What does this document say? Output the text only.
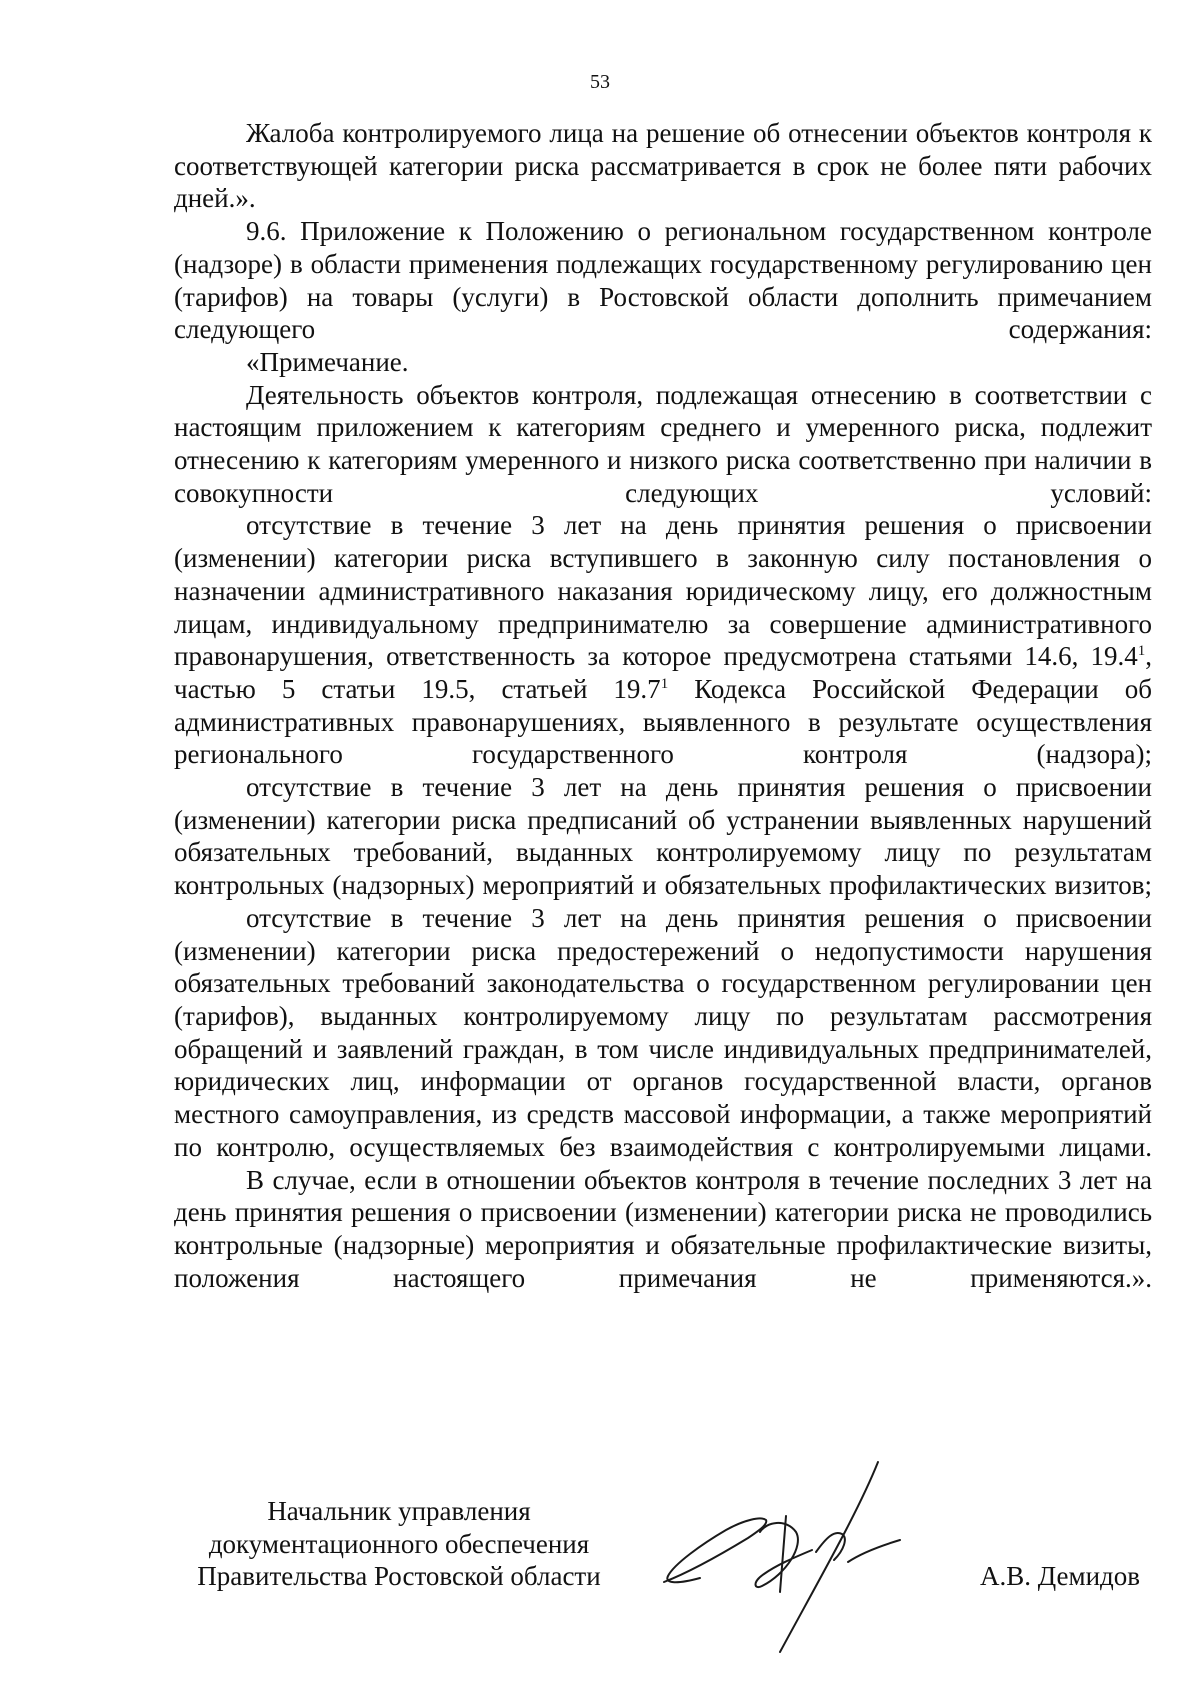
53

Жалоба контролируемого лица на решение об отнесении объектов контроля к соответствующей категории риска рассматривается в срок не более пяти рабочих дней.».

9.6. Приложение к Положению о региональном государственном контроле (надзоре) в области применения подлежащих государственному регулированию цен (тарифов) на товары (услуги) в Ростовской области дополнить примечанием следующего содержания:

«Примечание.

Деятельность объектов контроля, подлежащая отнесению в соответствии с настоящим приложением к категориям среднего и умеренного риска, подлежит отнесению к категориям умеренного и низкого риска соответственно при наличии в совокупности следующих условий:

отсутствие в течение 3 лет на день принятия решения о присвоении (изменении) категории риска вступившего в законную силу постановления о назначении административного наказания юридическому лицу, его должностным лицам, индивидуальному предпринимателю за совершение административного правонарушения, ответственность за которое предусмотрена статьями 14.6, 19.4$^1$, частью 5 статьи 19.5, статьей 19.7$^1$ Кодекса Российской Федерации об административных правонарушениях, выявленного в результате осуществления регионального государственного контроля	(надзора);

отсутствие в течение 3 лет на день принятия решения о присвоении (изменении) категории риска предписаний об устранении выявленных нарушений обязательных требований, выданных контролируемому лицу по результатам контрольных (надзорных) мероприятий и обязательных профилактических визитов;

отсутствие в течение 3 лет на день принятия решения о присвоении (изменении) категории риска предостережений о недопустимости нарушения обязательных требований законодательства о государственном регулировании цен (тарифов), выданных контролируемому лицу по результатам рассмотрения обращений и заявлений граждан, в том числе индивидуальных предпринимателей, юридических лиц, информации от органов государственной власти, органов местного самоуправления, из средств массовой информации, а также мероприятий по контролю, осуществляемых без взаимодействия с контролируемыми лицами.

В случае, если в отношении объектов контроля в течение последних 3 лет на день принятия решения о присвоении (изменении) категории риска не проводились контрольные (надзорные) мероприятия и обязательные профилактические визиты, положения настоящего примечания	не применяются.».

Начальник управления
документационного обеспечения
Правительства Ростовской области	А.В. Демидов
